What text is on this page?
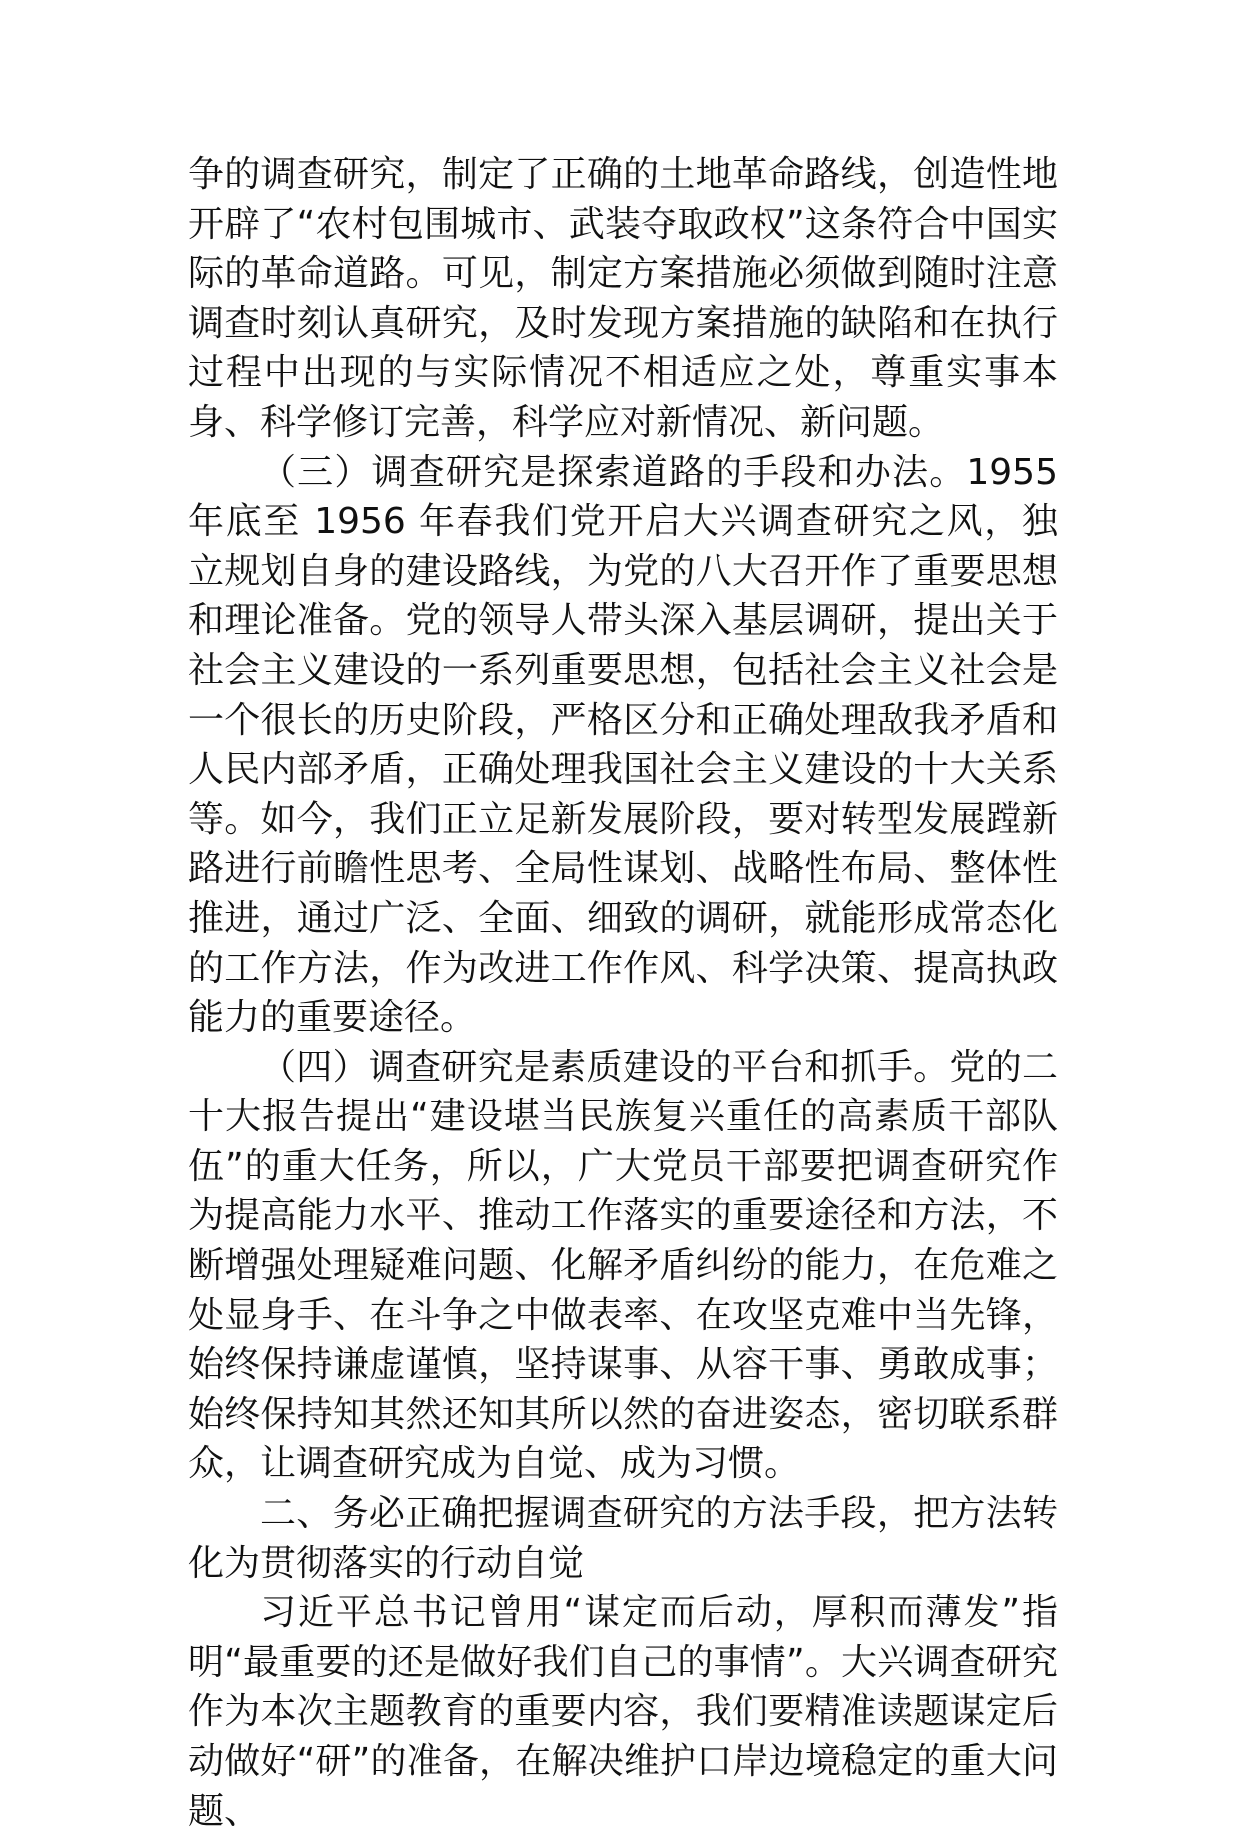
争的调查研究，制定了正确的土地革命路线，创造性地开辟了“农村包围城市、武装夺取政权”这条符合中国实际的革命道路。可见，制定方案措施必须做到随时注意调查时刻认真研究，及时发现方案措施的缺陷和在执行过程中出现的与实际情况不相适应之处，尊重实事本身、科学修订完善，科学应对新情况、新问题。

（三）调查研究是探索道路的手段和办法。1955 年底至 1956 年春我们党开启大兴调查研究之风，独立规划自身的建设路线，为党的八大召开作了重要思想和理论准备。党的领导人带头深入基层调研，提出关于社会主义建设的一系列重要思想，包括社会主义社会是一个很长的历史阶段，严格区分和正确处理敌我矛盾和人民内部矛盾，正确处理我国社会主义建设的十大关系等。如今，我们正立足新发展阶段，要对转型发展蹚新路进行前瞻性思考、全局性谋划、战略性布局、整体性推进，通过广泛、全面、细致的调研，就能形成常态化的工作方法，作为改进工作作风、科学决策、提高执政能力的重要途径。

（四）调查研究是素质建设的平台和抓手。党的二十大报告提出“建设堪当民族复兴重任的高素质干部队伍”的重大任务，所以，广大党员干部要把调查研究作为提高能力水平、推动工作落实的重要途径和方法，不断增强处理疑难问题、化解矛盾纠纷的能力，在危难之处显身手、在斗争之中做表率、在攻坚克难中当先锋，始终保持谦虚谨慎，坚持谋事、从容干事、勇敢成事；始终保持知其然还知其所以然的奋进姿态，密切联系群众，让调查研究成为自觉、成为习惯。

二、务必正确把握调查研究的方法手段，把方法转化为贯彻落实的行动自觉

习近平总书记曾用“谋定而后动，厚积而薄发”指明“最重要的还是做好我们自己的事情”。大兴调查研究作为本次主题教育的重要内容，我们要精准读题谋定后动做好“研”的准备，在解决维护口岸边境稳定的重大问题、
